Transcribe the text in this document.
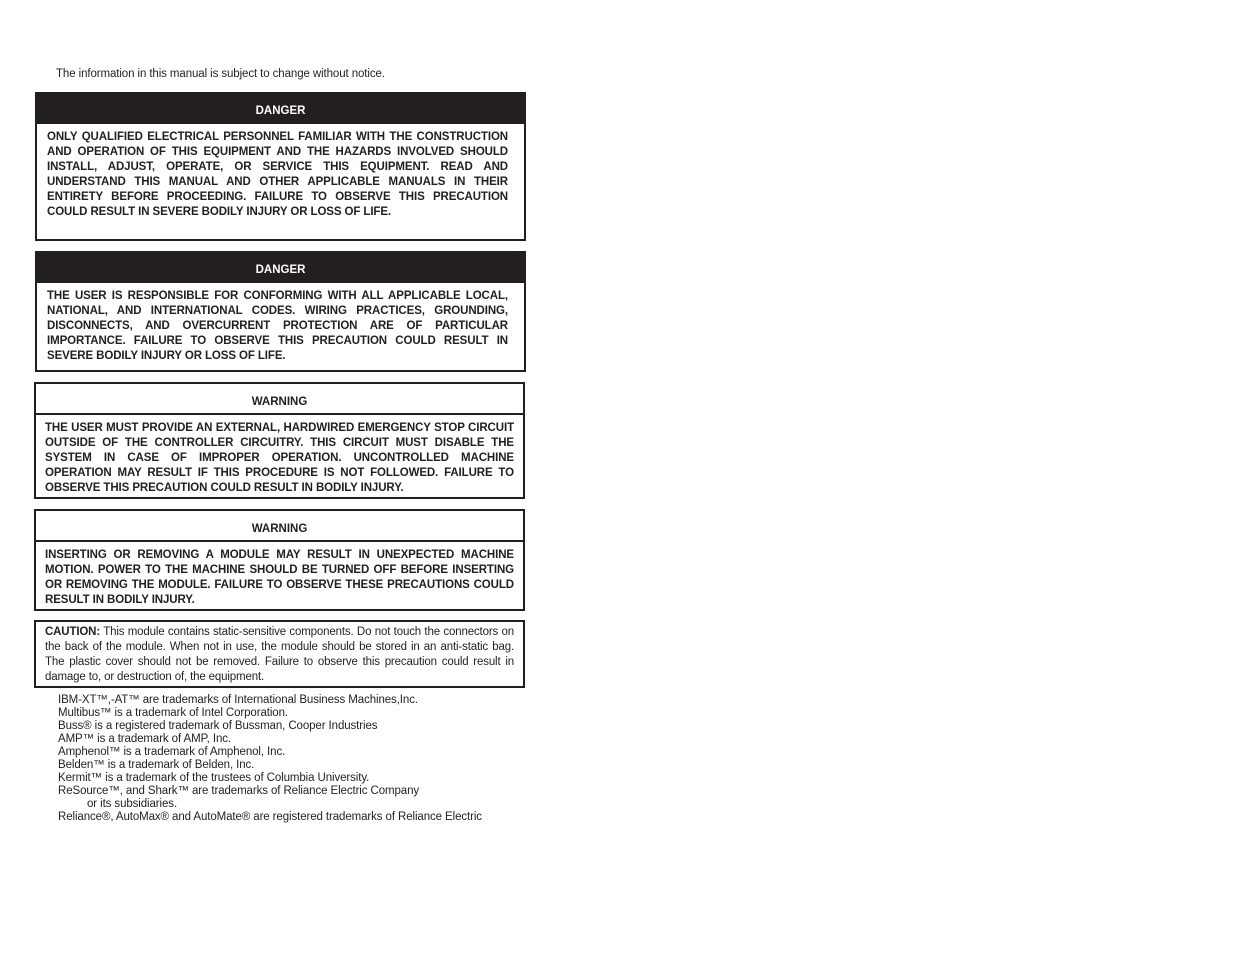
The information in this manual is subject to change without notice.
DANGER
ONLY QUALIFIED ELECTRICAL PERSONNEL FAMILIAR WITH THE CONSTRUCTION AND OPERATION OF THIS EQUIPMENT AND THE HAZARDS INVOLVED SHOULD INSTALL, ADJUST, OPERATE, OR SERVICE THIS EQUIPMENT. READ AND UNDERSTAND THIS MANUAL AND OTHER APPLICABLE MANUALS IN THEIR ENTIRETY BEFORE PROCEEDING. FAILURE TO OBSERVE THIS PRECAUTION COULD RESULT IN SEVERE BODILY INJURY OR LOSS OF LIFE.
DANGER
THE USER IS RESPONSIBLE FOR CONFORMING WITH ALL APPLICABLE LOCAL, NATIONAL, AND INTERNATIONAL CODES. WIRING PRACTICES, GROUNDING, DISCONNECTS, AND OVERCURRENT PROTECTION ARE OF PARTICULAR IMPORTANCE. FAILURE TO OBSERVE THIS PRECAUTION COULD RESULT IN SEVERE BODILY INJURY OR LOSS OF LIFE.
WARNING
THE USER MUST PROVIDE AN EXTERNAL, HARDWIRED EMERGENCY STOP CIRCUIT OUTSIDE OF THE CONTROLLER CIRCUITRY. THIS CIRCUIT MUST DISABLE THE SYSTEM IN CASE OF IMPROPER OPERATION. UNCONTROLLED MACHINE OPERATION MAY RESULT IF THIS PROCEDURE IS NOT FOLLOWED. FAILURE TO OBSERVE THIS PRECAUTION COULD RESULT IN BODILY INJURY.
WARNING
INSERTING OR REMOVING A MODULE MAY RESULT IN UNEXPECTED MACHINE MOTION. POWER TO THE MACHINE SHOULD BE TURNED OFF BEFORE INSERTING OR REMOVING THE MODULE. FAILURE TO OBSERVE THESE PRECAUTIONS COULD RESULT IN BODILY INJURY.
CAUTION: This module contains static-sensitive components. Do not touch the connectors on the back of the module. When not in use, the module should be stored in an anti-static bag. The plastic cover should not be removed. Failure to observe this precaution could result in damage to, or destruction of, the equipment.
IBM-XT™,-AT™ are trademarks of International Business Machines,Inc.
Multibus™ is a trademark of Intel Corporation.
Buss® is a registered trademark of Bussman, Cooper Industries
AMP™ is a trademark of AMP, Inc.
Amphenol™ is a trademark of Amphenol, Inc.
Belden™ is a trademark of Belden, Inc.
Kermit™ is a trademark of the trustees of Columbia University.
ReSource™, and Shark™ are trademarks of Reliance Electric Company
or its subsidiaries.
Reliance®, AutoMax® and AutoMate® are registered trademarks of Reliance Electric
